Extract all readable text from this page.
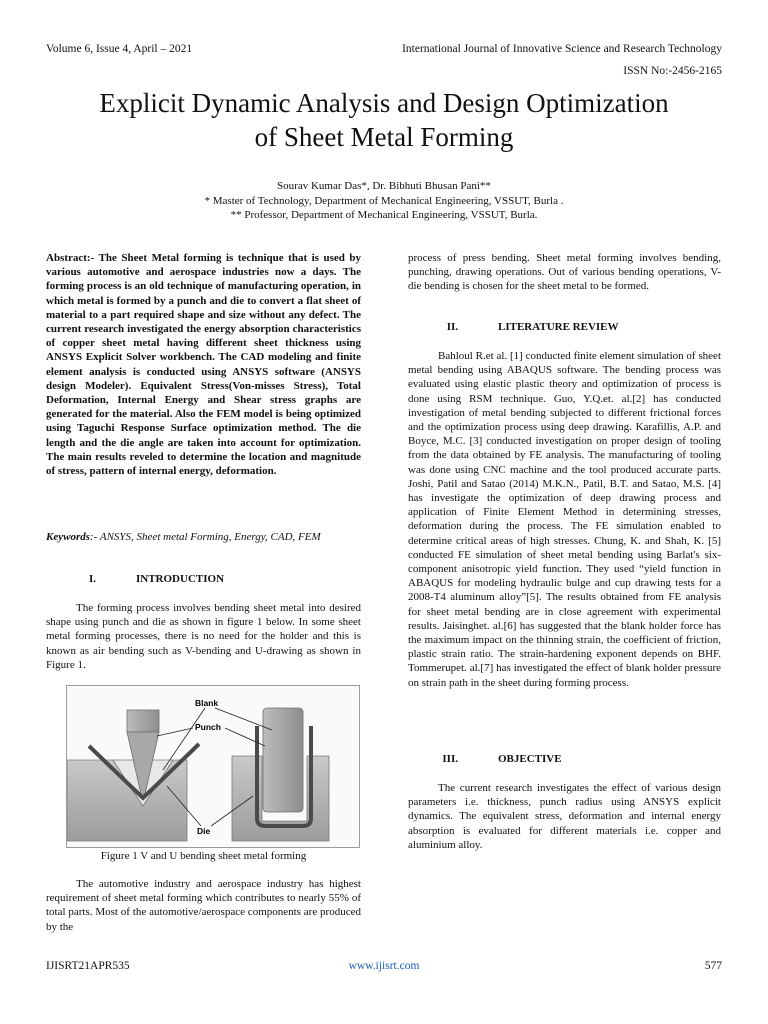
Volume 6, Issue 4, April – 2021	International Journal of Innovative Science and Research Technology
ISSN No:-2456-2165
Explicit Dynamic Analysis and Design Optimization
of Sheet Metal Forming
Sourav Kumar Das*, Dr. Bibhuti Bhusan Pani**
* Master of Technology, Department of Mechanical Engineering, VSSUT, Burla .
** Professor, Department of Mechanical Engineering, VSSUT, Burla.
Abstract:- The Sheet Metal forming is technique that is used by various automotive and aerospace industries now a days. The forming process is an old technique of manufacturing operation, in which metal is formed by a punch and die to convert a flat sheet of material to a part required shape and size without any defect. The current research investigated the energy absorption characteristics of copper sheet metal having different sheet thickness using ANSYS Explicit Solver workbench. The CAD modeling and finite element analysis is conducted using ANSYS software (ANSYS design Modeler). Equivalent Stress(Von-misses Stress), Total Deformation, Internal Energy and Shear stress graphs are generated for the material. Also the FEM model is being optimized using Taguchi Response Surface optimization method. The die length and the die angle are taken into account for optimization. The main results reveled to determine the location and magnitude of stress, pattern of internal energy, deformation.
Keywords:- ANSYS, Sheet metal Forming, Energy, CAD, FEM
I.	INTRODUCTION
The forming process involves bending sheet metal into desired shape using punch and die as shown in figure 1 below. In some sheet metal forming processes, there is no need for the holder and this is known as air bending such as V-bending and U-drawing as shown in Figure 1.
Blank
Punch
Die
Figure 1 V and U bending sheet metal forming
The automotive industry and aerospace industry has highest requirement of sheet metal forming which contributes to nearly 55% of total parts. Most of the automotive/aerospace components are produced by the
process of press bending. Sheet metal forming involves bending, punching, drawing operations. Out of various bending operations, V-die bending is chosen for the sheet metal to be formed.
II.	LITERATURE REVIEW
Bahloul R.et al. [1] conducted finite element simulation of sheet metal bending using ABAQUS software. The bending process was evaluated using elastic plastic theory and optimization of process is done using RSM technique. Guo, Y.Q.et. al.[2] has conducted investigation of metal bending subjected to different frictional forces and the optimization process using deep drawing. Karafillis, A.P. and Boyce, M.C. [3] conducted investigation on proper design of tooling from the data obtained by FE analysis. The manufacturing of tooling was done using CNC machine and the tool produced accurate parts. Joshi, Patil and Satao (2014) M.K.N., Patil, B.T. and Satao, M.S. [4] has investigate the optimization of deep drawing process and application of Finite Element Method in determining stresses, deformation during the process. The FE simulation enabled to determine critical areas of high stresses. Chung, K. and Shah, K. [5] conducted FE simulation of sheet metal bending using Barlat's six-component anisotropic yield function. They used “yield function in ABAQUS for modeling hydraulic bulge and cup drawing tests for a 2008-T4 aluminum alloy”[5]. The results obtained from FE analysis for sheet metal bending are in close agreement with experimental results. Jaisinghet. al.[6] has suggested that the blank holder force has the maximum impact on the thinning strain, the coefficient of friction, plastic strain ratio. The strain-hardening exponent depends on BHF. Tommerupet. al.[7] has investigated the effect of blank holder pressure on strain path in the sheet during forming process.
III.	OBJECTIVE
The current research investigates the effect of various design parameters i.e. thickness, punch radius using ANSYS explicit dynamics. The equivalent stress, deformation and internal energy absorption is evaluated for different materials i.e. copper and aluminium alloy.
IJISRT21APR535	www.ijisrt.com	577
